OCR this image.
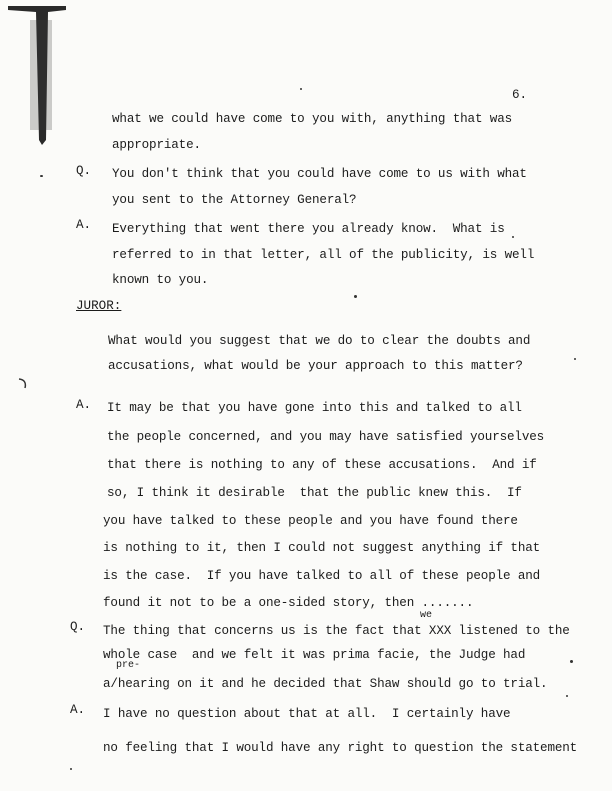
6.
what we could have come to you with, anything that was
appropriate.
Q. You don't think that you could have come to us with what
you sent to the Attorney General?
A. Everything that went there you already know.  What is
referred to in that letter, all of the publicity, is well
known to you.
JUROR:
What would you suggest that we do to clear the doubts and
accusations, what would be your approach to this matter?
A. It may be that you have gone into this and talked to all
the people concerned, and you may have satisfied yourselves
that there is nothing to any of these accusations.  And if
so, I think it desirable  that the public knew this.  If
you have talked to these people and you have found there
is nothing to it, then I could not suggest anything if that
is the case.  If you have talked to all of these people and
found it not to be a one-sided story, then .......
we
pre-
Q. The thing that concerns us is the fact that XXX listened to the
whole case  and we felt it was prima facie, the Judge had
a/hearing on it and he decided that Shaw should go to trial.
A. I have no question about that at all.  I certainly have
no feeling that I would have any right to question the statement
